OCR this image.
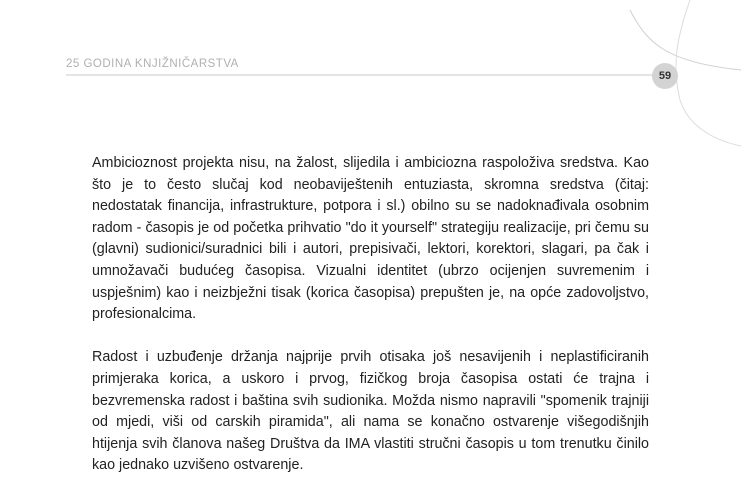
25 GODINA KNJIŽNIČARSTVA
59

Ambicioznost projekta nisu, na žalost, slijedila i ambiciozna raspoloživa sredstva. Kao što je to često slučaj kod neobaviještenih entuziasta, skromna sredstva (čitaj: nedostatak financija, infrastrukture, potpora i sl.) obilno su se nadoknađivala osobnim radom - časopis je od početka prihvatio "do it yourself" strategiju realizacije, pri čemu su (glavni) sudionici/suradnici bili i autori, prepisivači, lektori, korektori, slagari, pa čak i umnožavači budućeg časopisa. Vizualni identitet (ubrzo ocijenjen suvremenim i uspješnim) kao i neizbježni tisak (korica časopisa) prepušten je, na opće zadovoljstvo, profesionalcima.

Radost i uzbuđenje držanja najprije prvih otisaka još nesavijenih i neplastificiranih primjeraka korica, a uskoro i prvog, fizičkog broja časopisa ostati će trajna i bezvremenska radost i baština svih sudionika. Možda nismo napravili "spomenik trajniji od mjedi, viši od carskih piramida", ali nama se konačno ostvarenje višegodišnjih htijenja svih članova našeg Društva da IMA vlastiti stručni časopis u tom trenutku činilo kao jednako uzvišeno ostvarenje.
